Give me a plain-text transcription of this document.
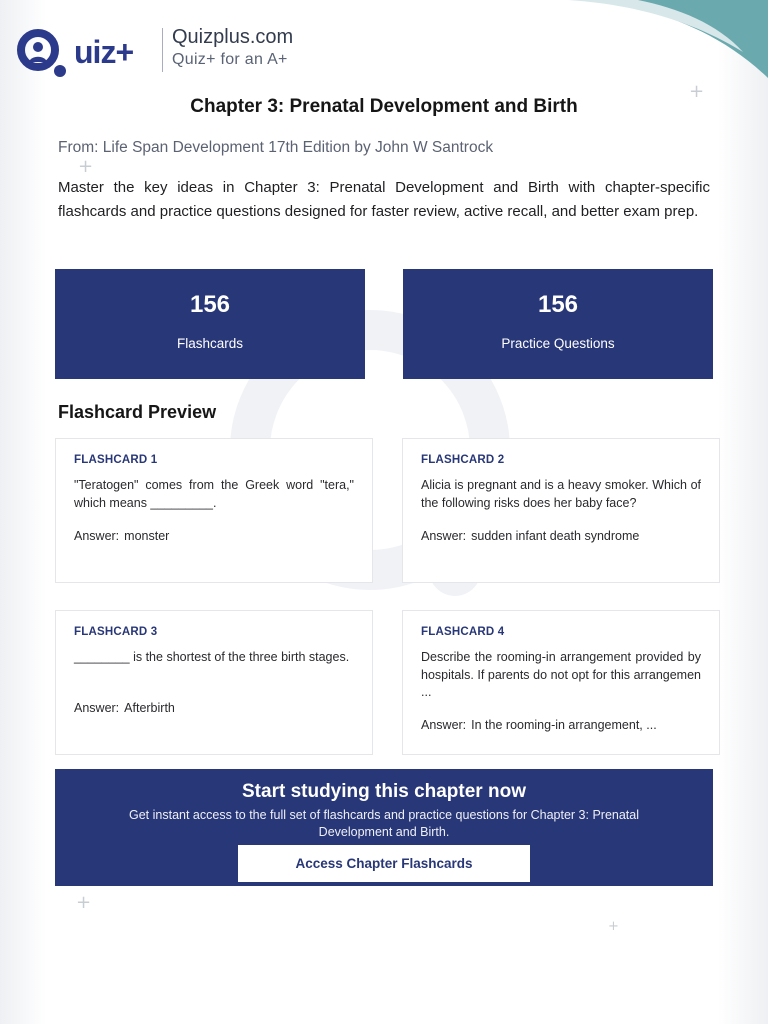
+
+
+
+
uiz+ Quizplus.com
Quiz+ for an A+
Chapter 3: Prenatal Development and Birth

From: Life Span Development 17th Edition by John W Santrock

Master the key ideas in Chapter 3: Prenatal Development and Birth with chapter-specific flashcards and practice questions designed for faster review, active recall, and better exam prep.

156
Flashcards
156
Practice Questions
Flashcard Preview
FLASHCARD 1
"Teratogen" comes from the Greek word "tera," which means _________.
Answer: monster
FLASHCARD 2
Alicia is pregnant and is a heavy smoker. Which of the following risks does her baby face?
Answer: sudden infant death syndrome
FLASHCARD 3
________ is the shortest of the three birth stages.
Answer: Afterbirth
FLASHCARD 4
Describe the rooming-in arrangement provided by hospitals. If parents do not opt for this arrangemen ...
Answer: In the rooming-in arrangement, ...
Start studying this chapter now
Get instant access to the full set of flashcards and practice questions for Chapter 3: Prenatal Development and Birth.
Access Chapter Flashcards
